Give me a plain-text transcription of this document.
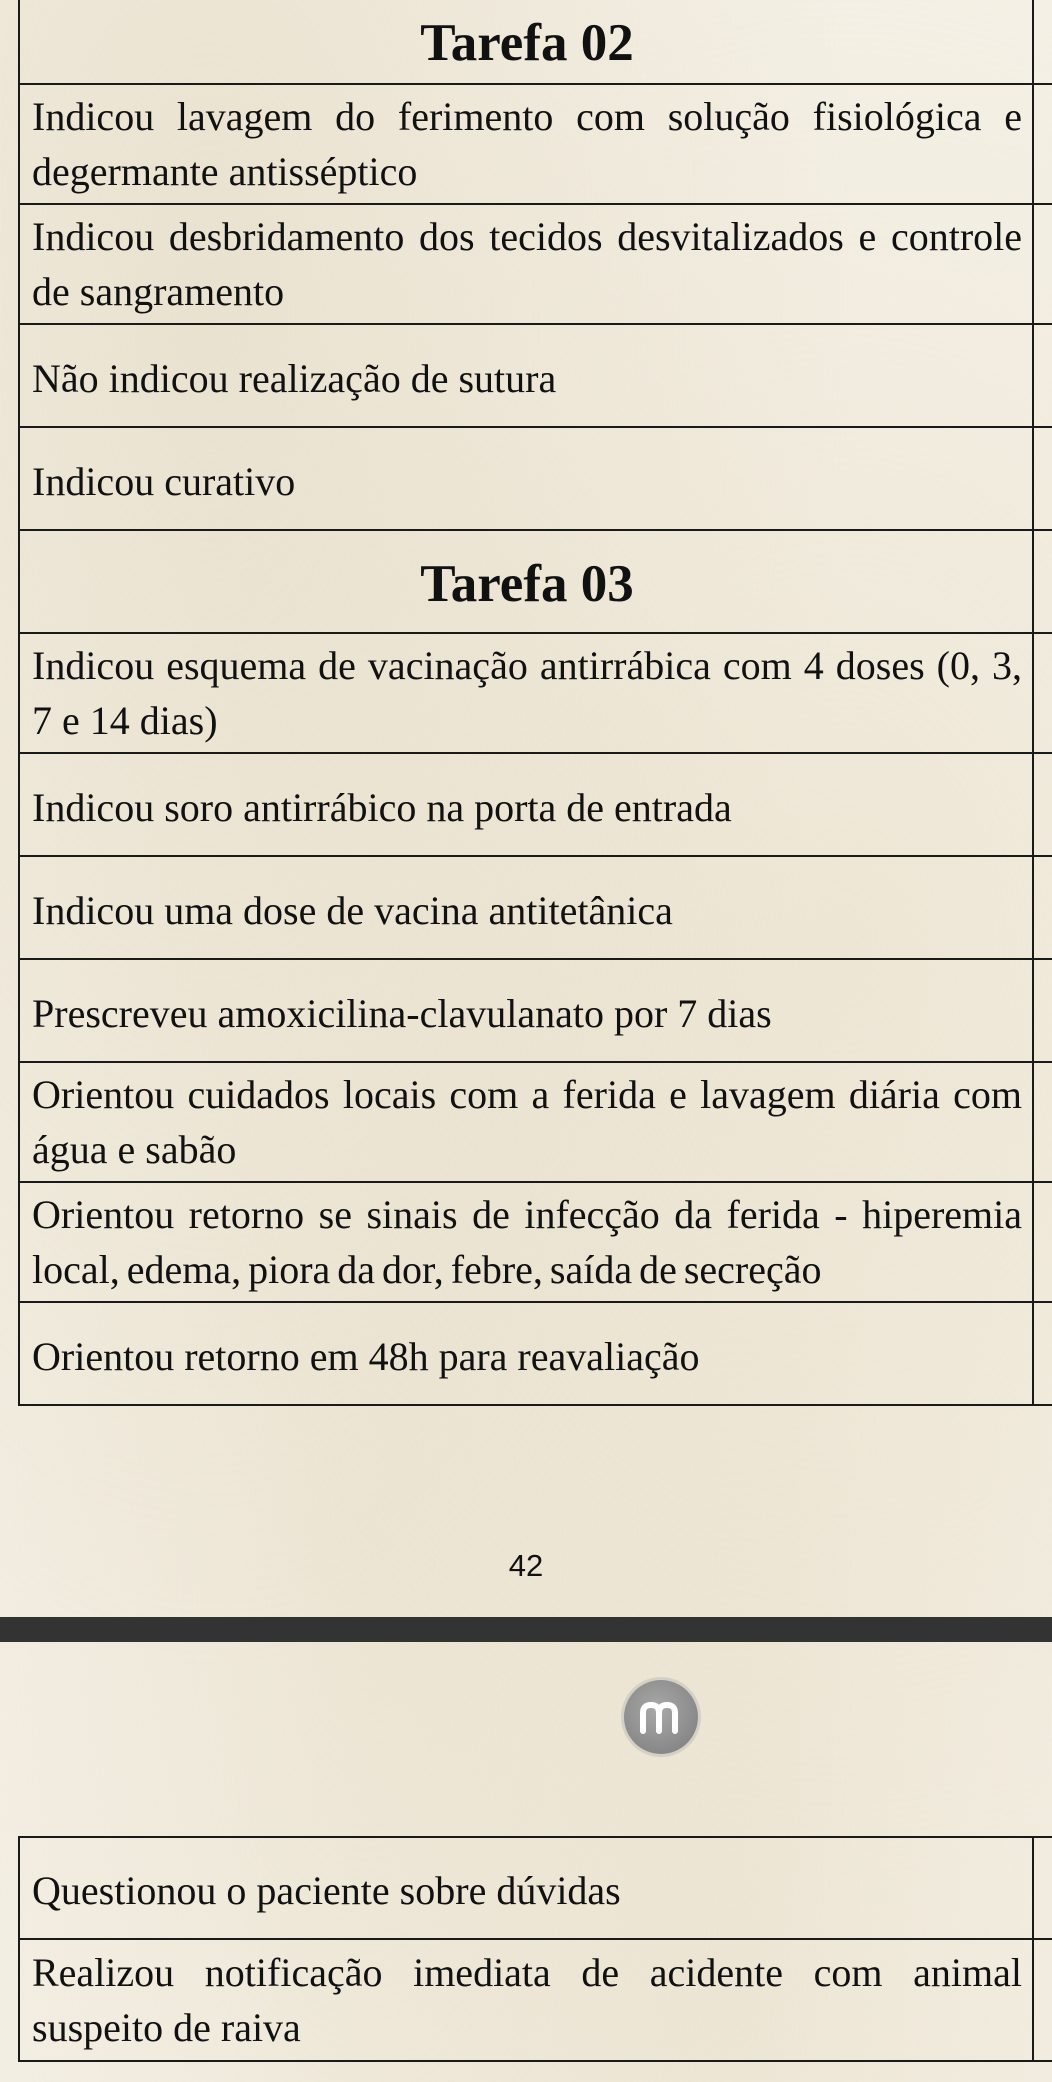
Tarefa 02
Indicou lavagem do ferimento com solução fisiológica e degermante antisséptico
Indicou desbridamento dos tecidos desvitalizados e controle de sangramento
Não indicou realização de sutura
Indicou curativo
Tarefa 03
Indicou esquema de vacinação antirrábica com 4 doses (0, 3, 7 e 14 dias)
Indicou soro antirrábico na porta de entrada
Indicou uma dose de vacina antitetânica
Prescreveu amoxicilina-clavulanato por 7 dias
Orientou cuidados locais com a ferida e lavagem diária com água e sabão
Orientou retorno se sinais de infecção da ferida - hiperemia local, edema, piora da dor, febre, saída de secreção
Orientou retorno em 48h para reavaliação
42
Questionou o paciente sobre dúvidas
Realizou notificação imediata de acidente com animal suspeito de raiva
